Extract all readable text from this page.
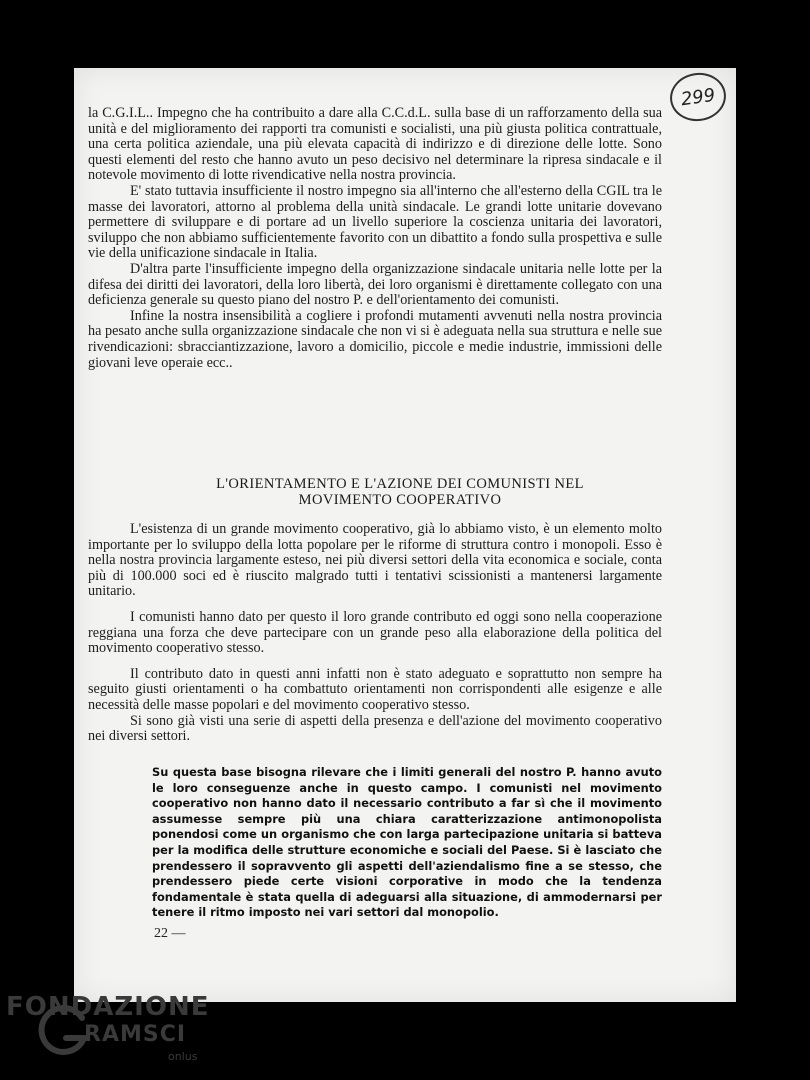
299

la C.G.I.L.. Impegno che ha contribuito a dare alla C.C.d.L. sulla base di un rafforzamento della sua unità e del miglioramento dei rapporti tra comunisti e socialisti, una più giusta politica contrattuale, una certa politica aziendale, una più elevata capacità di indirizzo e di direzione delle lotte. Sono questi elementi del resto che hanno avuto un peso decisivo nel determinare la ripresa sindacale e il notevole movimento di lotte rivendicative nella nostra provincia.

E' stato tuttavia insufficiente il nostro impegno sia all'interno che all'esterno della CGIL tra le masse dei lavoratori, attorno al problema della unità sindacale. Le grandi lotte unitarie dovevano permettere di sviluppare e di portare ad un livello superiore la coscienza unitaria dei lavoratori, sviluppo che non abbiamo sufficientemente favorito con un dibattito a fondo sulla prospettiva e sulle vie della unificazione sindacale in Italia.

D'altra parte l'insufficiente impegno della organizzazione sindacale unitaria nelle lotte per la difesa dei diritti dei lavoratori, della loro libertà, dei loro organismi è direttamente collegato con una deficienza generale su questo piano del nostro P. e dell'orientamento dei comunisti.

Infine la nostra insensibilità a cogliere i profondi mutamenti avvenuti nella nostra provincia ha pesato anche sulla organizzazione sindacale che non vi si è adeguata nella sua struttura e nelle sue rivendicazioni: sbracciantizzazione, lavoro a domicilio, piccole e medie industrie, immissioni delle giovani leve operaie ecc..

L'ORIENTAMENTO E L'AZIONE DEI COMUNISTI NEL
MOVIMENTO COOPERATIVO

L'esistenza di un grande movimento cooperativo, già lo abbiamo visto, è un elemento molto importante per lo sviluppo della lotta popolare per le riforme di struttura contro i monopoli. Esso è nella nostra provincia largamente esteso, nei più diversi settori della vita economica e sociale, conta più di 100.000 soci ed è riuscito malgrado tutti i tentativi scissionisti a mantenersi largamente unitario.

I comunisti hanno dato per questo il loro grande contributo ed oggi sono nella cooperazione reggiana una forza che deve partecipare con un grande peso alla elaborazione della politica del movimento cooperativo stesso.

Il contributo dato in questi anni infatti non è stato adeguato e soprattutto non sempre ha seguito giusti orientamenti o ha combattuto orientamenti non corrispondenti alle esigenze e alle necessità delle masse popolari e del movimento cooperativo stesso.

Si sono già visti una serie di aspetti della presenza e dell'azione del movimento cooperativo nei diversi settori.

Su questa base bisogna rilevare che i limiti generali del nostro P. hanno avuto le loro conseguenze anche in questo campo. I comunisti nel movimento cooperativo non hanno dato il necessario contributo a far sì che il movimento assumesse sempre più una chiara caratterizzazione antimonopolista ponendosi come un organismo che con larga partecipazione unitaria si batteva per la modifica delle strutture economiche e sociali del Paese. Si è lasciato che prendessero il sopravvento gli aspetti dell'aziendalismo fine a se stesso, che prendessero piede certe visioni corporative in modo che la tendenza fondamentale è stata quella di adeguarsi alla situazione, di ammodernarsi per tenere il ritmo imposto nei vari settori dal monopolio.

22 —
FONDAZIONE
RAMSCI
onlus
